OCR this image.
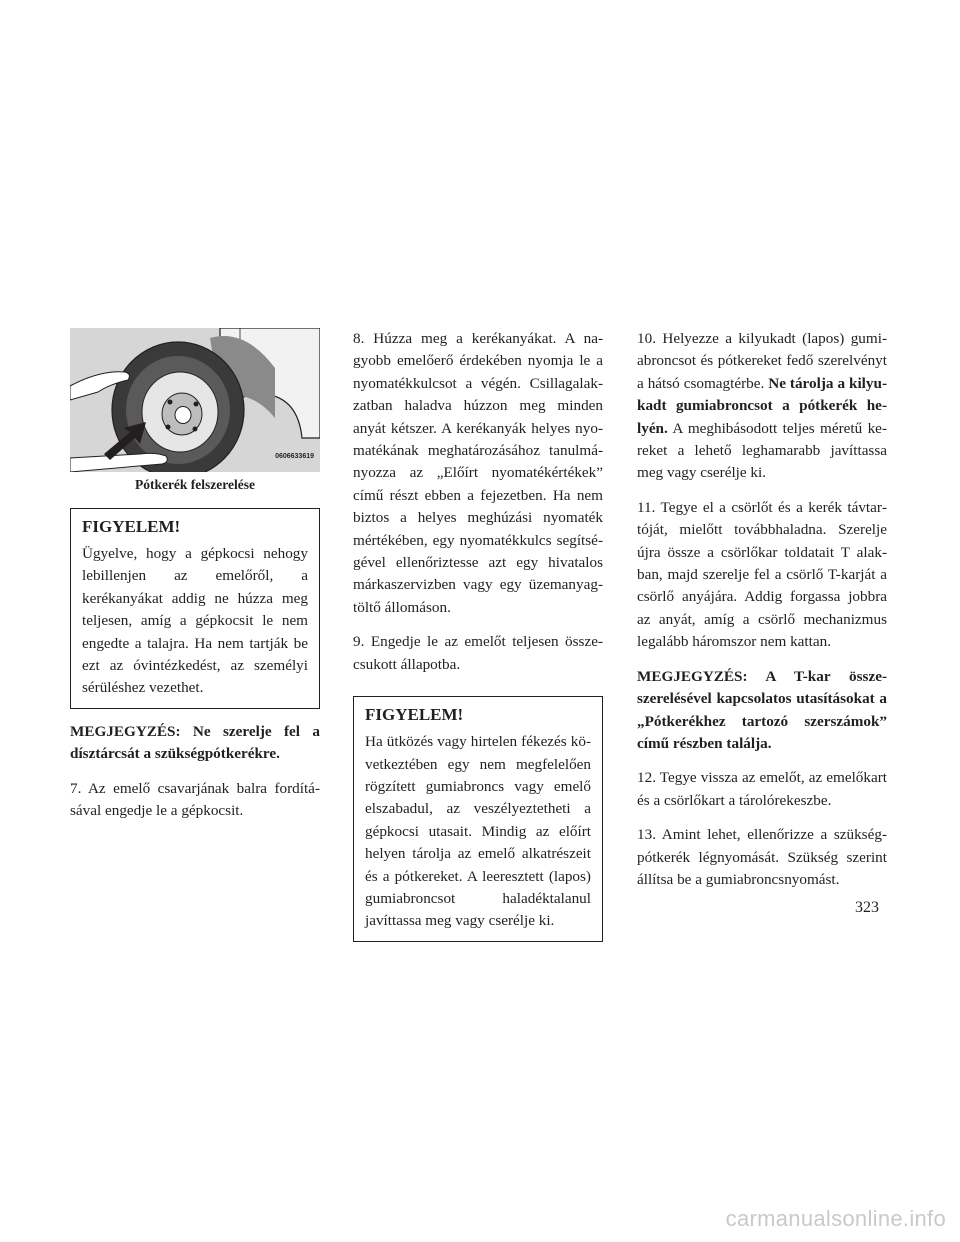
0606633619
Pótkerék felszerelése
FIGYELEM!

Ügyelve, hogy a gépkocsi nehogy lebillenjen az emelőről, a kerékanyákat addig ne húzza meg teljesen, amíg a gépkocsit le nem engedte a talajra. Ha nem tartják be ezt az óvintézkedést, az személyi sérüléshez vezethet.

MEGJEGYZÉS: Ne szerelje fel a dísztárcsát a szükségpótkerékre.

7. Az emelő csavarjának balra fordításával engedje le a gépkocsit.

8. Húzza meg a kerékanyákat. A nagyobb emelőerő érdekében nyomja le a nyomatékkulcsot a végén. Csillagalakzatban haladva húzzon meg minden anyát kétszer. A kerékanyák helyes nyomatékának meghatározásához tanulmányozza az „Előírt nyomatékértékek” című részt ebben a fejezetben. Ha nem biztos a helyes meghúzási nyomaték mértékében, egy nyomatékkulcs segítségével ellenőriztesse azt egy hivatalos márkaszervizben vagy egy üzemanyagtöltő állomáson.

9. Engedje le az emelőt teljesen összecsukott állapotba.

FIGYELEM!

Ha ütközés vagy hirtelen fékezés következtében egy nem megfelelően rögzített gumiabroncs vagy emelő elszabadul, az veszélyeztetheti a gépkocsi utasait. Mindig az előírt helyen tárolja az emelő alkatrészeit és a pótkereket. A leeresztett (lapos) gumiabroncsot haladéktalanul javíttassa meg vagy cserélje ki.

10. Helyezze a kilyukadt (lapos) gumiabroncsot és pótkereket fedő szerelvényt a hátsó csomagtérbe. Ne tárolja a kilyukadt gumiabroncsot a pótkerék helyén. A meghibásodott teljes méretű kereket a lehető leghamarabb javíttassa meg vagy cserélje ki.

11. Tegye el a csörlőt és a kerék távtartóját, mielőtt továbbhaladna. Szerelje újra össze a csörlőkar toldatait T alakban, majd szerelje fel a csörlő T-karját a csörlő anyájára. Addig forgassa jobbra az anyát, amíg a csörlő mechanizmus legalább háromszor nem kattan.

MEGJEGYZÉS: A T-kar összeszerelésével kapcsolatos utasításokat a „Pótkerékhez tartozó szerszámok” című részben találja.

12. Tegye vissza az emelőt, az emelőkart és a csörlőkart a tárolórekeszbe.

13. Amint lehet, ellenőrizze a szükségpótkerék légnyomását. Szükség szerint állítsa be a gumiabroncsnyomást.

323
carmanualsonline.info
